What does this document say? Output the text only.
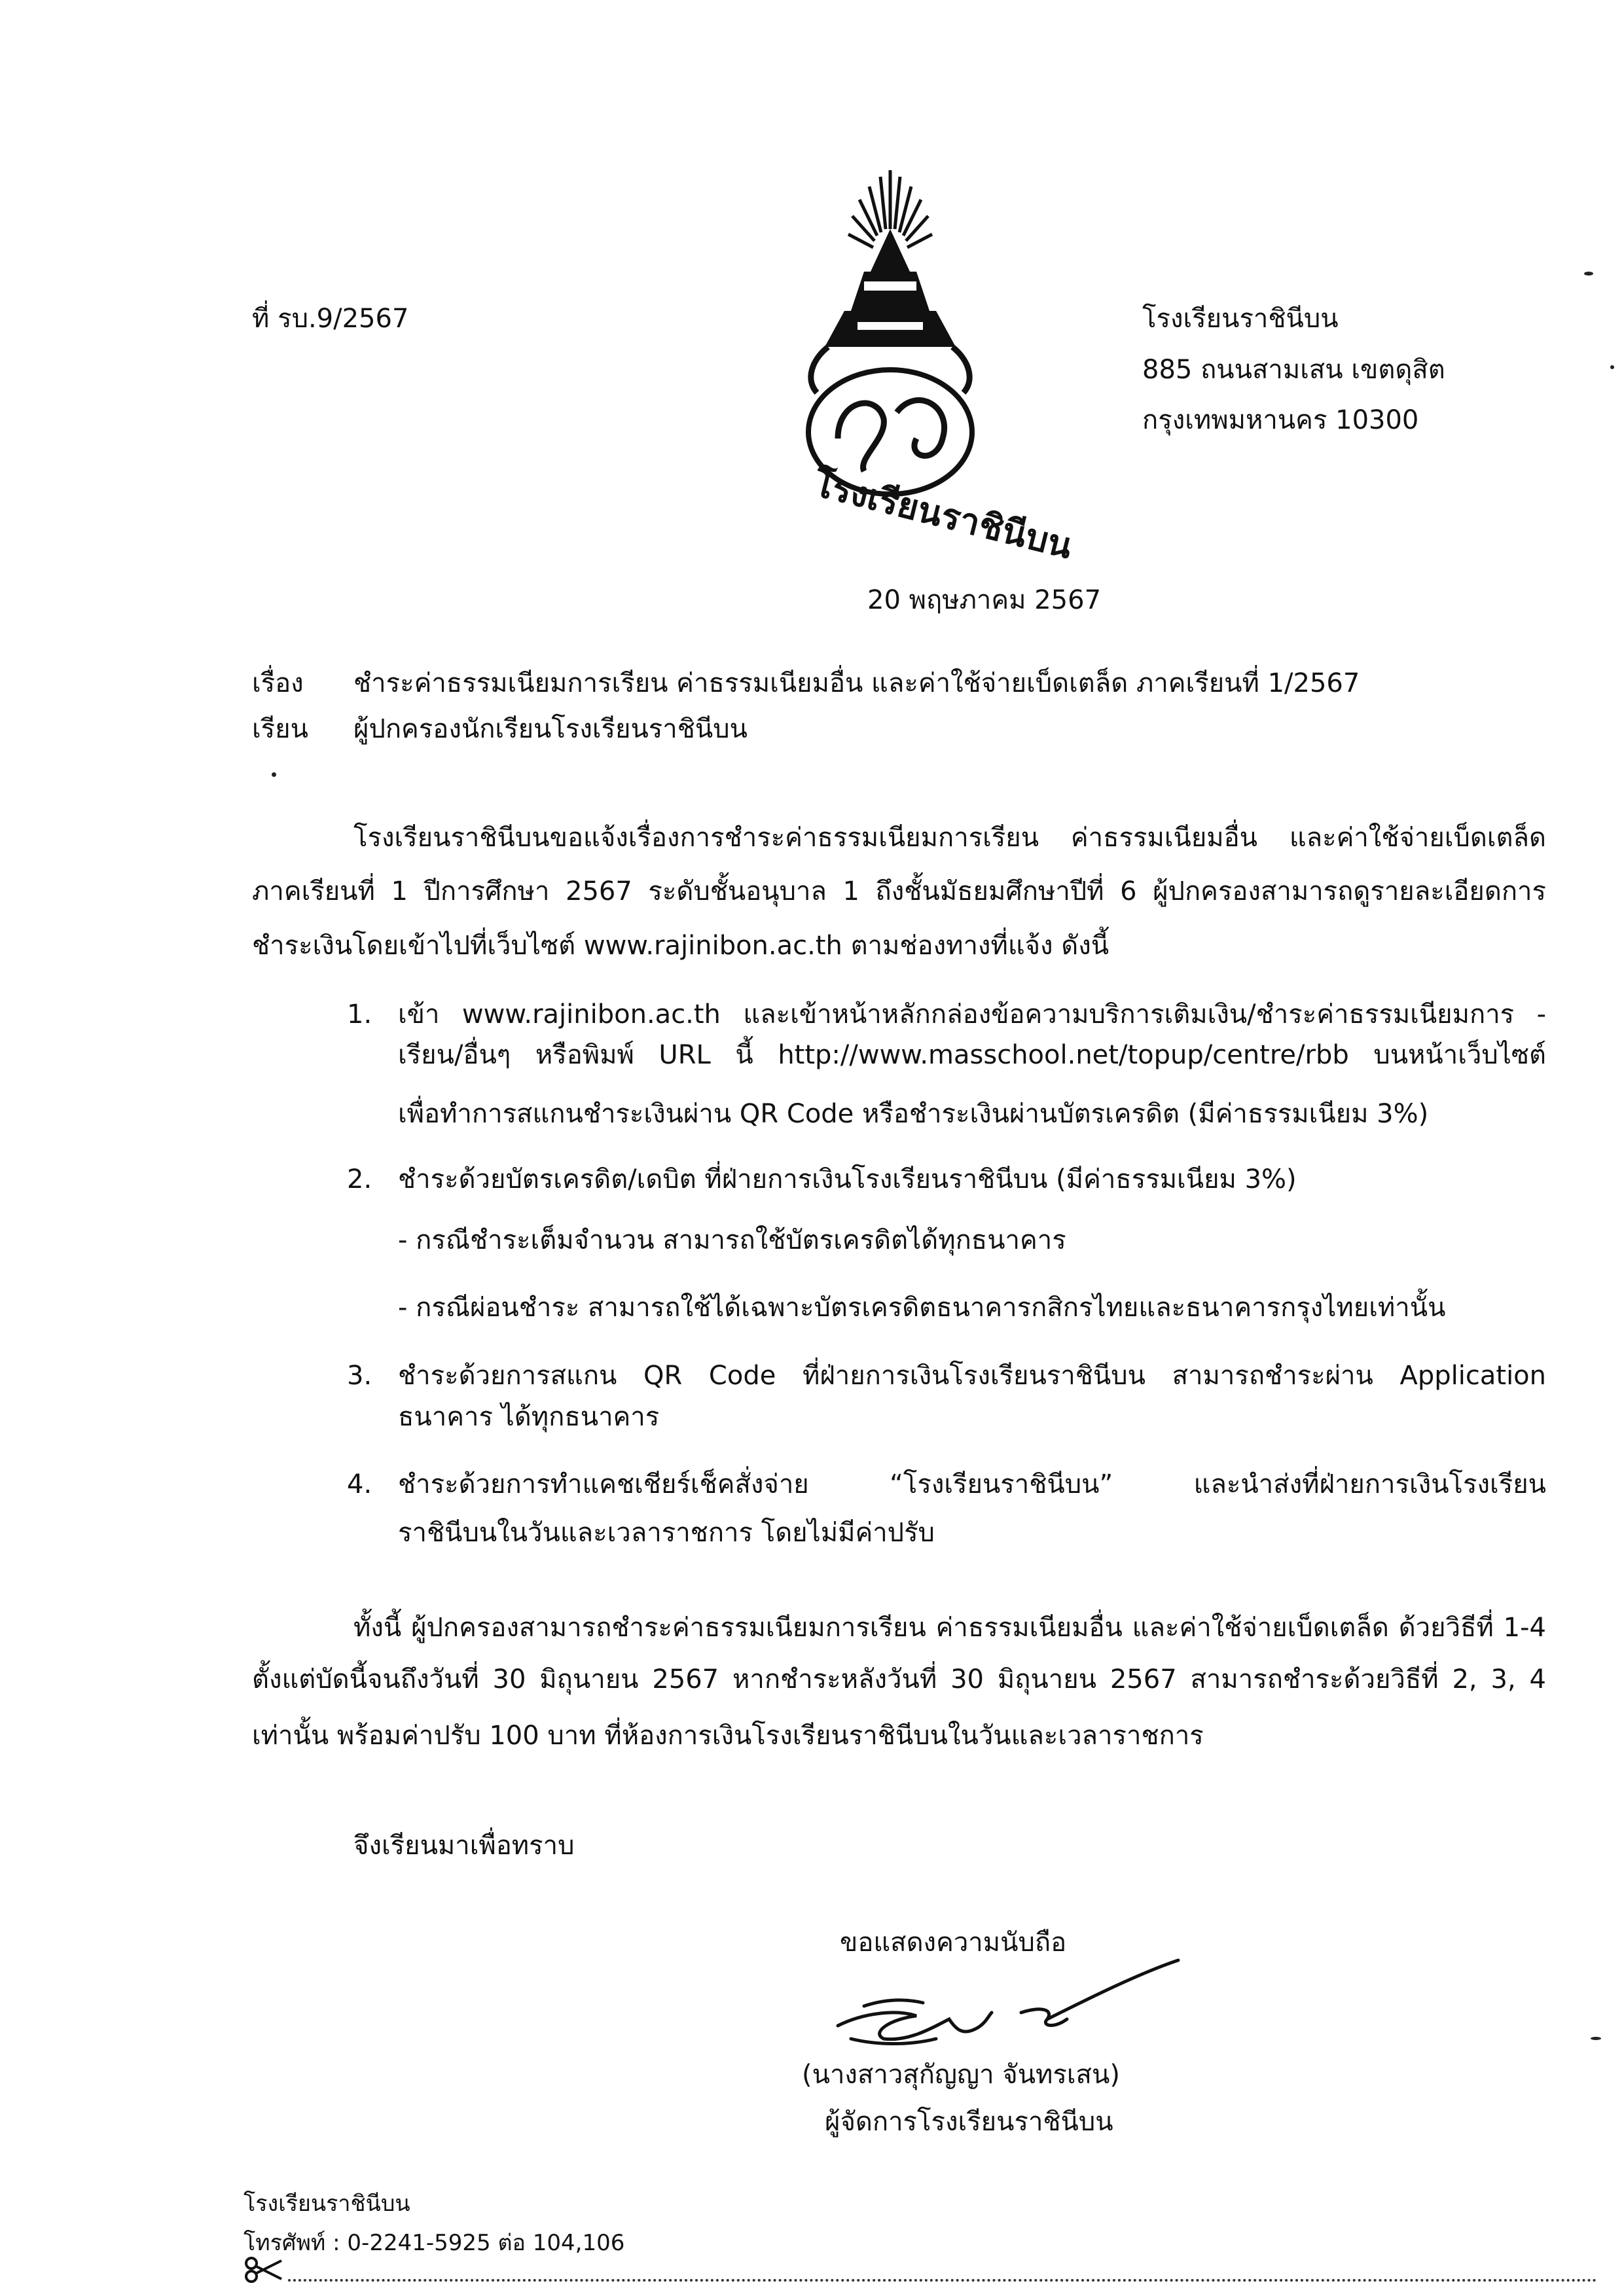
โรงเรียนราชินีบน
ที่ รบ.9/2567	โรงเรียนราชินีบน
885 ถนนสามเสน เขตดุสิต
กรุงเทพมหานคร 10300
20 พฤษภาคม 2567
เรื่อง ชำระค่าธรรมเนียมการเรียน ค่าธรรมเนียมอื่น และค่าใช้จ่ายเบ็ดเตล็ด ภาคเรียนที่ 1/2567
เรียน ผู้ปกครองนักเรียนโรงเรียนราชินีบน
โรงเรียนราชินีบนขอแจ้งเรื่องการชำระค่าธรรมเนียมการเรียน ค่าธรรมเนียมอื่น และค่าใช้จ่ายเบ็ดเตล็ด
ภาคเรียนที่ 1 ปีการศึกษา 2567 ระดับชั้นอนุบาล 1 ถึงชั้นมัธยมศึกษาปีที่ 6 ผู้ปกครองสามารถดูรายละเอียดการ
ชำระเงินโดยเข้าไปที่เว็บไซต์ www.rajinibon.ac.th ตามช่องทางที่แจ้ง ดังนี้
1. เข้า www.rajinibon.ac.th และเข้าหน้าหลักกล่องข้อความบริการเติมเงิน/ชำระค่าธรรมเนียมการ -
เรียน/อื่นๆ หรือพิมพ์ URL นี้ http://www.masschool.net/topup/centre/rbb บนหน้าเว็บไซต์
เพื่อทำการสแกนชำระเงินผ่าน QR Code หรือชำระเงินผ่านบัตรเครดิต (มีค่าธรรมเนียม 3%)
2. ชำระด้วยบัตรเครดิต/เดบิต ที่ฝ่ายการเงินโรงเรียนราชินีบน (มีค่าธรรมเนียม 3%)
- กรณีชำระเต็มจำนวน สามารถใช้บัตรเครดิตได้ทุกธนาคาร
- กรณีผ่อนชำระ สามารถใช้ได้เฉพาะบัตรเครดิตธนาคารกสิกรไทยและธนาคารกรุงไทยเท่านั้น
3. ชำระด้วยการสแกน QR Code ที่ฝ่ายการเงินโรงเรียนราชินีบน สามารถชำระผ่าน Application
ธนาคาร ได้ทุกธนาคาร
4. ชำระด้วยการทำแคชเชียร์เช็คสั่งจ่าย “โรงเรียนราชินีบน” และนำส่งที่ฝ่ายการเงินโรงเรียน
ราชินีบนในวันและเวลาราชการ โดยไม่มีค่าปรับ
ทั้งนี้ ผู้ปกครองสามารถชำระค่าธรรมเนียมการเรียน ค่าธรรมเนียมอื่น และค่าใช้จ่ายเบ็ดเตล็ด ด้วยวิธีที่ 1-4
ตั้งแต่บัดนี้จนถึงวันที่ 30 มิถุนายน 2567 หากชำระหลังวันที่ 30 มิถุนายน 2567 สามารถชำระด้วยวิธีที่ 2, 3, 4
เท่านั้น พร้อมค่าปรับ 100 บาท ที่ห้องการเงินโรงเรียนราชินีบนในวันและเวลาราชการ
จึงเรียนมาเพื่อทราบ
ขอแสดงความนับถือ
(นางสาวสุกัญญา จันทรเสน)
ผู้จัดการโรงเรียนราชินีบน
โรงเรียนราชินีบน
โทรศัพท์ : 0-2241-5925 ต่อ 104,106
